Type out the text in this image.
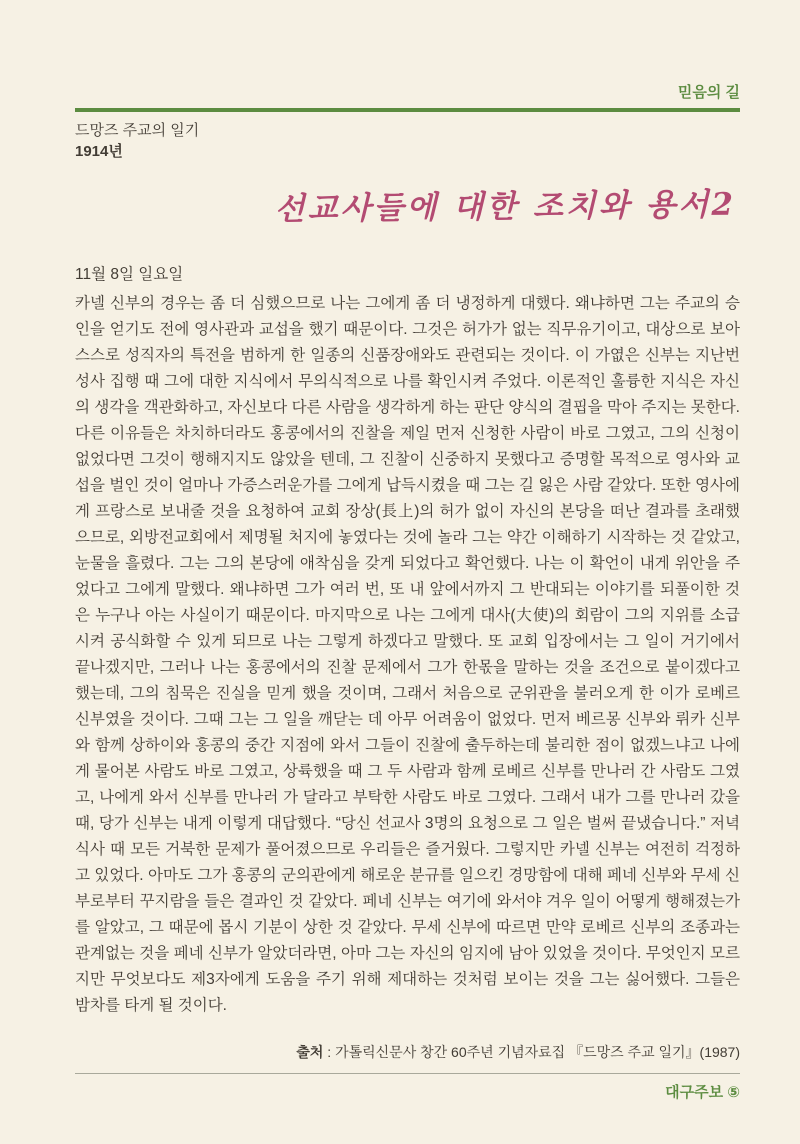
믿음의 길
드망즈 주교의 일기
1914년
선교사들에 대한 조치와 용서2
11월 8일 일요일
카넬 신부의 경우는 좀 더 심했으므로 나는 그에게 좀 더 냉정하게 대했다. 왜냐하면 그는 주교의 승인을 얻기도 전에 영사관과 교섭을 했기 때문이다. 그것은 허가가 없는 직무유기이고, 대상으로 보아 스스로 성직자의 특전을 범하게 한 일종의 신품장애와도 관련되는 것이다. 이 가엾은 신부는 지난번 성사 집행 때 그에 대한 지식에서 무의식적으로 나를 확인시켜 주었다. 이론적인 훌륭한 지식은 자신의 생각을 객관화하고, 자신보다 다른 사람을 생각하게 하는 판단 양식의 결핍을 막아 주지는 못한다. 다른 이유들은 차치하더라도 홍콩에서의 진찰을 제일 먼저 신청한 사람이 바로 그였고, 그의 신청이 없었다면 그것이 행해지지도 않았을 텐데, 그 진찰이 신중하지 못했다고 증명할 목적으로 영사와 교섭을 벌인 것이 얼마나 가증스러운가를 그에게 납득시켰을 때 그는 길 잃은 사람 같았다. 또한 영사에게 프랑스로 보내줄 것을 요청하여 교회 장상(長上)의 허가 없이 자신의 본당을 떠난 결과를 초래했으므로, 외방전교회에서 제명될 처지에 놓였다는 것에 놀라 그는 약간 이해하기 시작하는 것 같았고, 눈물을 흘렸다. 그는 그의 본당에 애착심을 갖게 되었다고 확언했다. 나는 이 확언이 내게 위안을 주었다고 그에게 말했다. 왜냐하면 그가 여러 번, 또 내 앞에서까지 그 반대되는 이야기를 되풀이한 것은 누구나 아는 사실이기 때문이다. 마지막으로 나는 그에게 대사(大使)의 회람이 그의 지위를 소급시켜 공식화할 수 있게 되므로 나는 그렇게 하겠다고 말했다. 또 교회 입장에서는 그 일이 거기에서 끝나겠지만, 그러나 나는 홍콩에서의 진찰 문제에서 그가 한몫을 말하는 것을 조건으로 붙이겠다고 했는데, 그의 침묵은 진실을 믿게 했을 것이며, 그래서 처음으로 군위관을 불러오게 한 이가 로베르 신부였을 것이다. 그때 그는 그 일을 깨닫는 데 아무 어려움이 없었다. 먼저 베르몽 신부와 뤼카 신부와 함께 상하이와 홍콩의 중간 지점에 와서 그들이 진찰에 출두하는데 불리한 점이 없겠느냐고 나에게 물어본 사람도 바로 그였고, 상륙했을 때 그 두 사람과 함께 로베르 신부를 만나러 간 사람도 그였고, 나에게 와서 신부를 만나러 가 달라고 부탁한 사람도 바로 그였다. 그래서 내가 그를 만나러 갔을 때, 당가 신부는 내게 이렇게 대답했다. “당신 선교사 3명의 요청으로 그 일은 벌써 끝냈습니다.” 저녁식사 때 모든 거북한 문제가 풀어졌으므로 우리들은 즐거웠다. 그렇지만 카넬 신부는 여전히 걱정하고 있었다. 아마도 그가 홍콩의 군의관에게 해로운 분규를 일으킨 경망함에 대해 페네 신부와 무세 신부로부터 꾸지람을 들은 결과인 것 같았다. 페네 신부는 여기에 와서야 겨우 일이 어떻게 행해졌는가를 알았고, 그 때문에 몹시 기분이 상한 것 같았다. 무세 신부에 따르면 만약 로베르 신부의 조종과는 관계없는 것을 페네 신부가 알았더라면, 아마 그는 자신의 임지에 남아 있었을 것이다. 무엇인지 모르지만 무엇보다도 제3자에게 도움을 주기 위해 제대하는 것처럼 보이는 것을 그는 싫어했다. 그들은 밤차를 타게 될 것이다.
출처 : 가톨릭신문사 창간 60주년 기념자료집 『드망즈 주교 일기』(1987)
대구주보 ⑤
